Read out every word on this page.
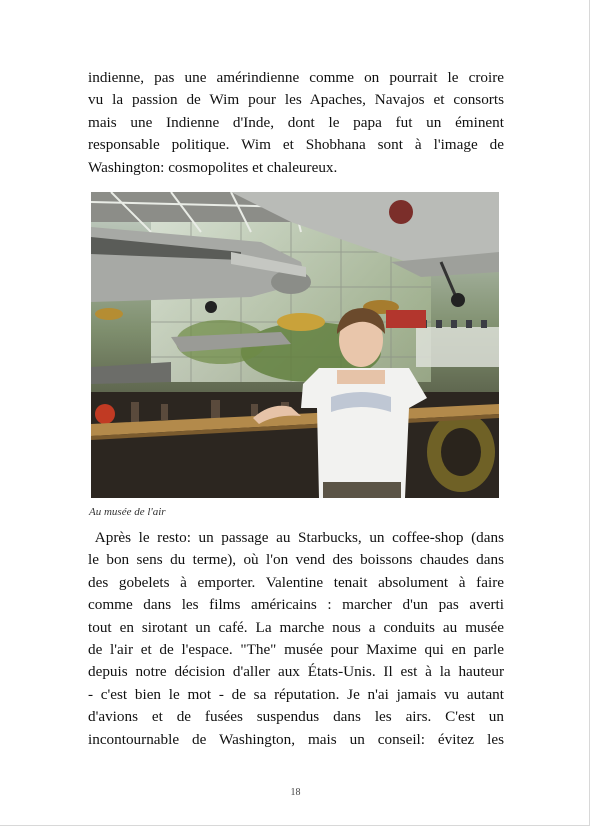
indienne, pas une amérindienne comme on pourrait le croire
vu la passion de Wim pour les Apaches, Navajos et consorts
mais une Indienne d'Inde, dont le papa fut un éminent
responsable politique. Wim et Shobhana sont à l'image de
Washington: cosmopolites et chaleureux.

Au musée de l'air

Après le resto: un passage au Starbucks, un coffee-shop (dans
le bon sens du terme), où l'on vend des boissons chaudes dans
des gobelets à emporter. Valentine tenait absolument à faire
comme dans les films américains : marcher d'un pas averti
tout en sirotant un café. La marche nous a conduits au musée
de l'air et de l'espace. "The" musée pour Maxime qui en parle
depuis notre décision d'aller aux États-Unis. Il est à la hauteur
- c'est bien le mot - de sa réputation. Je n'ai jamais vu autant
d'avions et de fusées suspendus dans les airs. C'est un
incontournable de Washington, mais un conseil: évitez les

18
